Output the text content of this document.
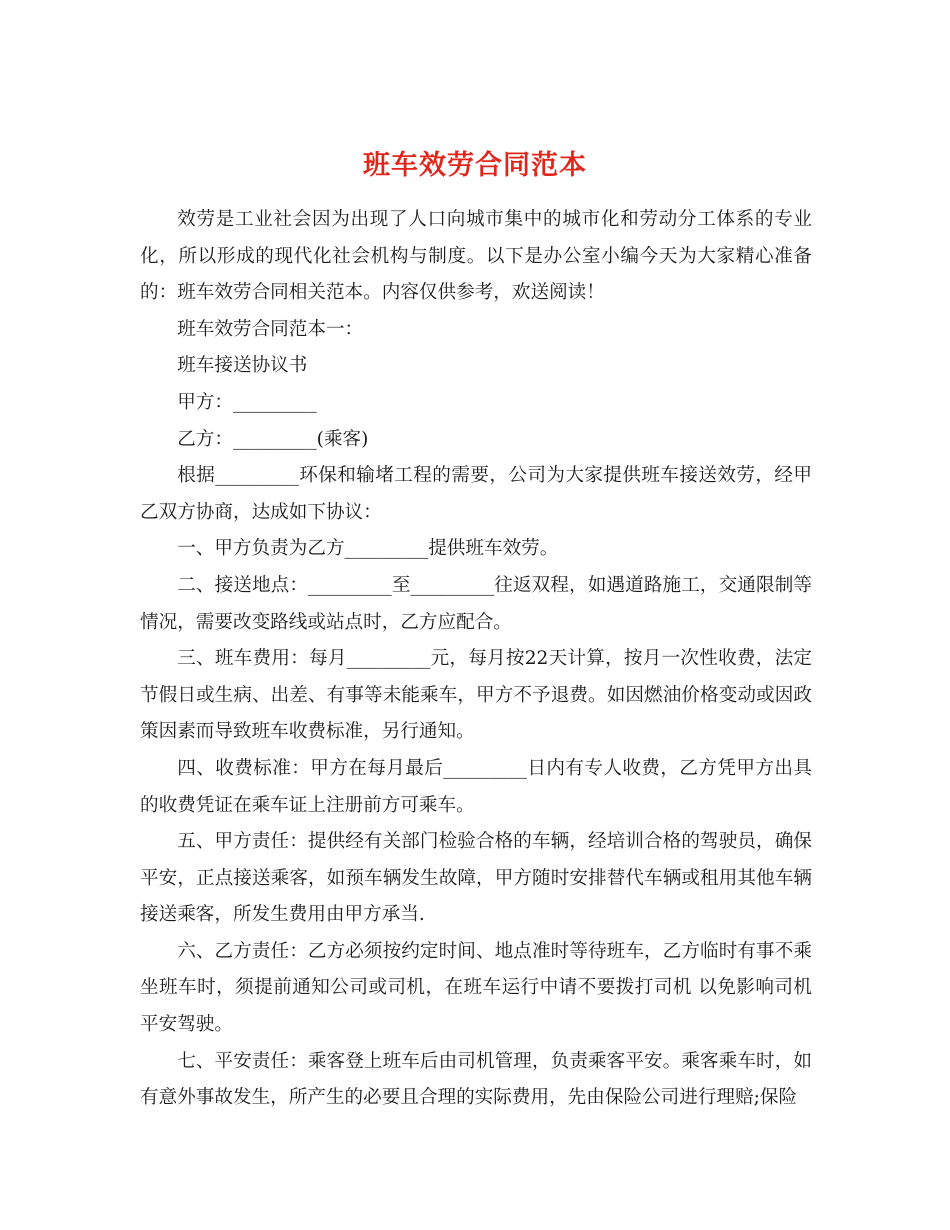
班车效劳合同范本

效劳是工业社会因为出现了人口向城市集中的城市化和劳动分工体系的专业化，所以形成的现代化社会机构与制度。以下是办公室小编今天为大家精心准备的：班车效劳合同相关范本。内容仅供参考，欢送阅读！

班车效劳合同范本一：

班车接送协议书

甲方：_________

乙方：_________(乘客)

根据_________环保和输堵工程的需要，公司为大家提供班车接送效劳，经甲乙双方协商，达成如下协议：

一、甲方负责为乙方_________提供班车效劳。

二、接送地点：_________至_________往返双程，如遇道路施工，交通限制等情况，需要改变路线或站点时，乙方应配合。

三、班车费用：每月_________元，每月按22天计算，按月一次性收费，法定节假日或生病、出差、有事等未能乘车，甲方不予退费。如因燃油价格变动或因政策因素而导致班车收费标准，另行通知。

四、收费标准：甲方在每月最后_________日内有专人收费，乙方凭甲方出具的收费凭证在乘车证上注册前方可乘车。

五、甲方责任：提供经有关部门检验合格的车辆，经培训合格的驾驶员，确保平安，正点接送乘客，如预车辆发生故障，甲方随时安排替代车辆或租用其他车辆接送乘客，所发生费用由甲方承当.

六、乙方责任：乙方必须按约定时间、地点准时等待班车，乙方临时有事不乘坐班车时，须提前通知公司或司机，在班车运行中请不要拨打司机 以免影响司机平安驾驶。

七、平安责任：乘客登上班车后由司机管理，负责乘客平安。乘客乘车时，如有意外事故发生，所产生的必要且合理的实际费用，先由保险公司进行理赔;保险
